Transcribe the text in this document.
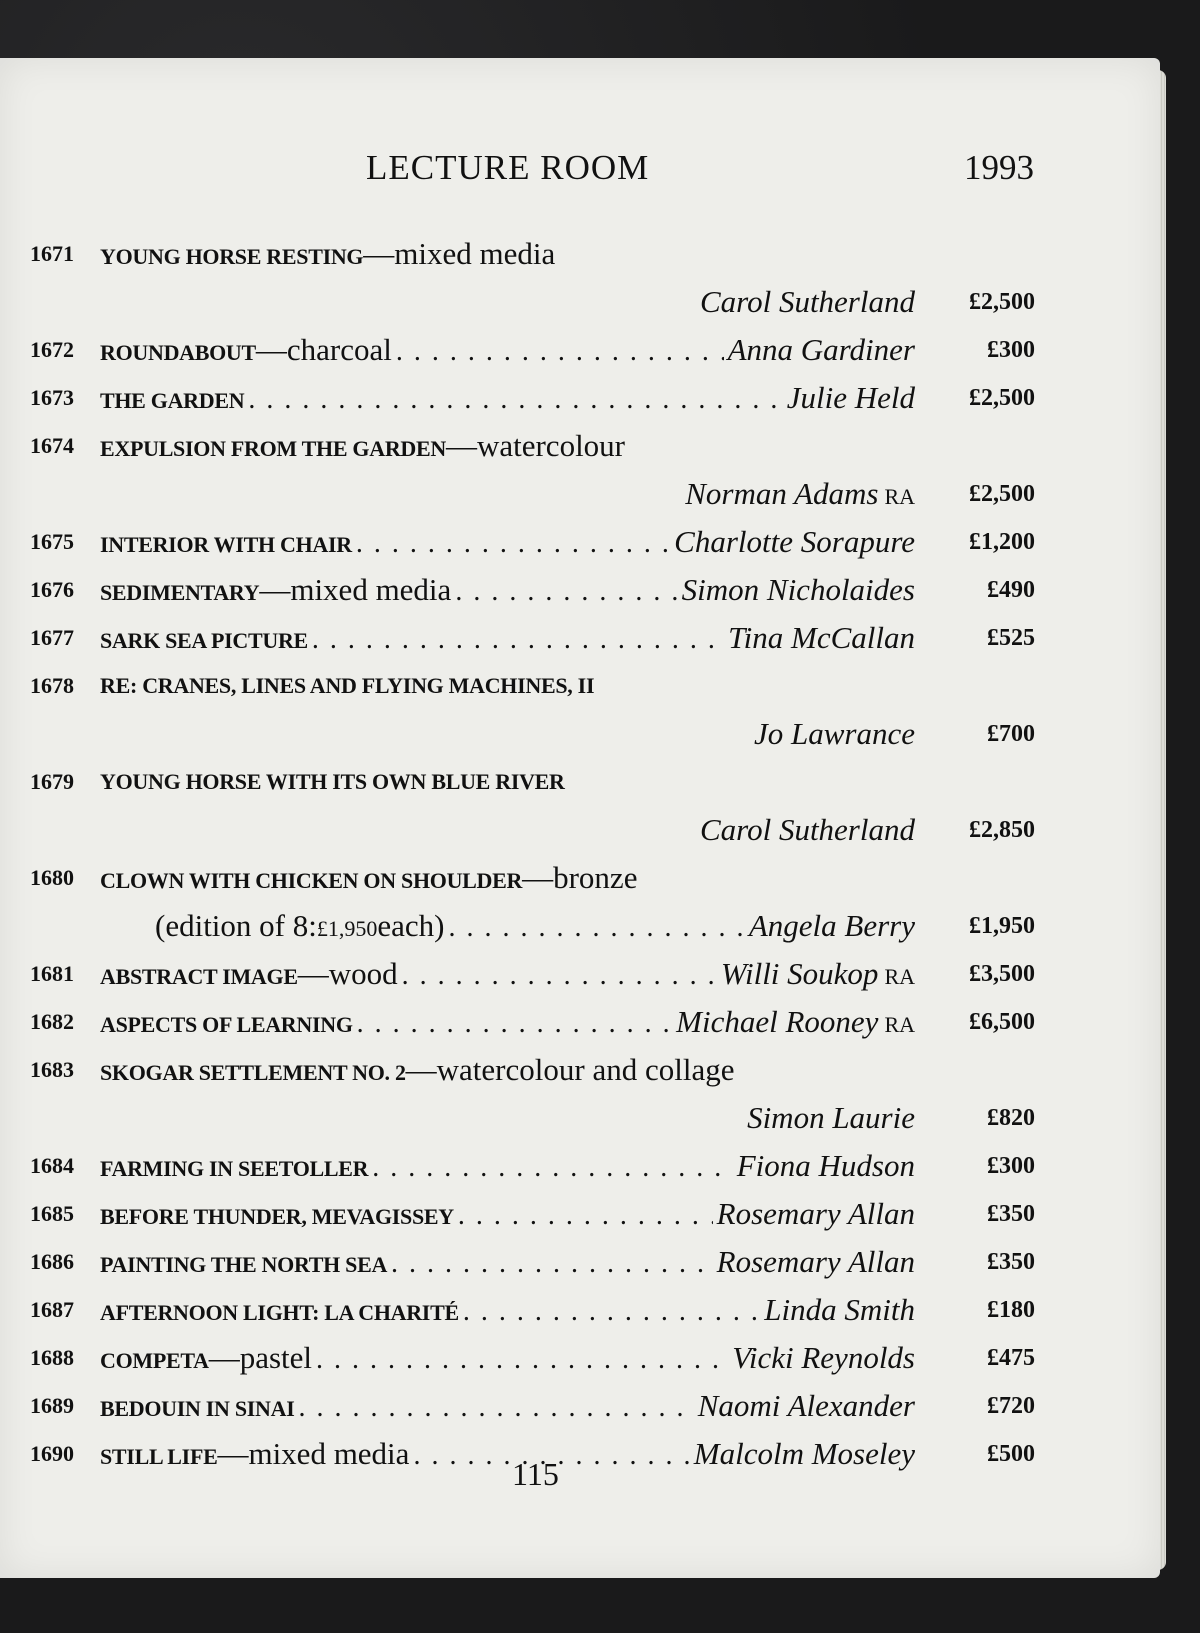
LECTURE ROOM	1993
1671 YOUNG HORSE RESTING — mixed media
Carol Sutherland £2,500
1672 ROUNDABOUT — charcoal . . .	Anna Gardiner	£300
1673 THE GARDEN . . .	Julie Held £2,500
1674 EXPULSION FROM THE GARDEN — watercolour
Norman Adams RA £2,500
1675 INTERIOR WITH CHAIR . . .	Charlotte Sorapure £1,200
1676 SEDIMENTARY — mixed media . . .	Simon Nicholaides	£490
1677 SARK SEA PICTURE . . .	Tina McCallan	£525
1678 RE: CRANES, LINES AND FLYING MACHINES, II
Jo Lawrance	£700
1679 YOUNG HORSE WITH ITS OWN BLUE RIVER
Carol Sutherland £2,850
1680 CLOWN WITH CHICKEN ON SHOULDER — bronze
(edition of 8: £1,950 each) . . .	Angela Berry £1,950
1681 ABSTRACT IMAGE — wood . . .	Willi Soukop RA £3,500
1682 ASPECTS OF LEARNING . . .	Michael Rooney RA £6,500
1683 SKOGAR SETTLEMENT NO. 2 — watercolour and collage
Simon Laurie	£820
1684 FARMING IN SEETOLLER . . .	Fiona Hudson	£300
1685 BEFORE THUNDER, MEVAGISSEY . . .	Rosemary Allan	£350
1686 PAINTING THE NORTH SEA . . .	Rosemary Allan	£350
1687 AFTERNOON LIGHT: LA CHARITÉ . . .	Linda Smith	£180
1688 COMPETA — pastel . . .	Vicki Reynolds	£475
1689 BEDOUIN IN SINAI . . .	Naomi Alexander	£720
1690 STILL LIFE — mixed media . . .	Malcolm Moseley	£500
115
